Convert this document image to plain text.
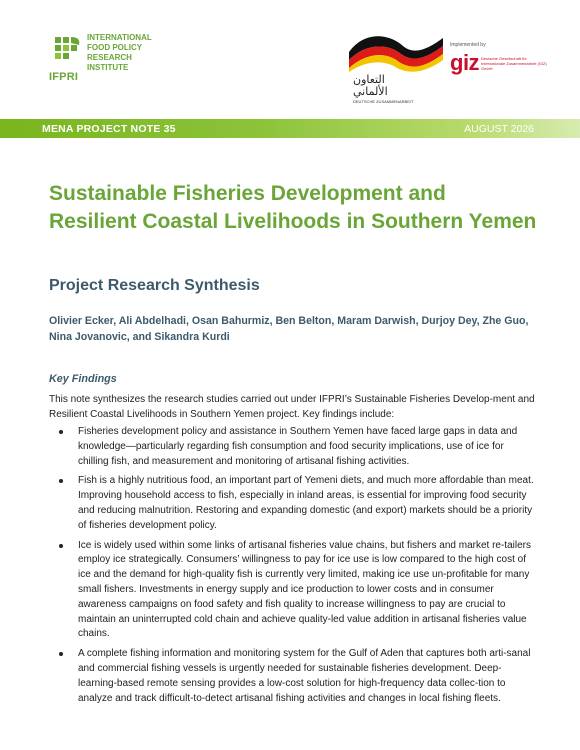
IFPRI
INTERNATIONAL
FOOD POLICY
RESEARCH
INSTITUTE
التعاون
الألماني
DEUTSCHE ZUSAMMENARBEIT
Implemented by
giz Deutsche Gesellschaft für Internationale Zusammenarbeit (GIZ) GmbH
MENA PROJECT NOTE 35	AUGUST 2026
Sustainable Fisheries Development and Resilient Coastal Livelihoods in Southern Yemen
Project Research Synthesis

Olivier Ecker, Ali Abdelhadi, Osan Bahurmiz, Ben Belton, Maram Darwish, Durjoy Dey, Zhe Guo, Nina Jovanovic, and Sikandra Kurdi

Key Findings

This note synthesizes the research studies carried out under IFPRI’s Sustainable Fisheries Develop-ment and Resilient Coastal Livelihoods in Southern Yemen project. Key findings include:

Fisheries development policy and assistance in Southern Yemen have faced large gaps in data and knowledge—particularly regarding fish consumption and food security implications, use of ice for chilling fish, and measurement and monitoring of artisanal fishing activities.
Fish is a highly nutritious food, an important part of Yemeni diets, and much more affordable than meat. Improving household access to fish, especially in inland areas, is essential for improving food security and reducing malnutrition. Restoring and expanding domestic (and export) markets should be a priority of fisheries development policy.
Ice is widely used within some links of artisanal fisheries value chains, but fishers and market re-tailers employ ice strategically. Consumers’ willingness to pay for ice use is low compared to the high cost of ice and the demand for high-quality fish is currently very limited, making ice use un-profitable for many small fishers. Investments in energy supply and ice production to lower costs and in consumer awareness campaigns on food safety and fish quality to increase willingness to pay are crucial to maintain an uninterrupted cold chain and achieve quality-led value addition in artisanal fisheries value chains.
A complete fishing information and monitoring system for the Gulf of Aden that captures both arti-sanal and commercial fishing vessels is urgently needed for sustainable fisheries development. Deep-learning-based remote sensing provides a low-cost solution for high-frequency data collec-tion to analyze and track difficult-to-detect artisanal fishing activities and changes in local fishing fleets.
